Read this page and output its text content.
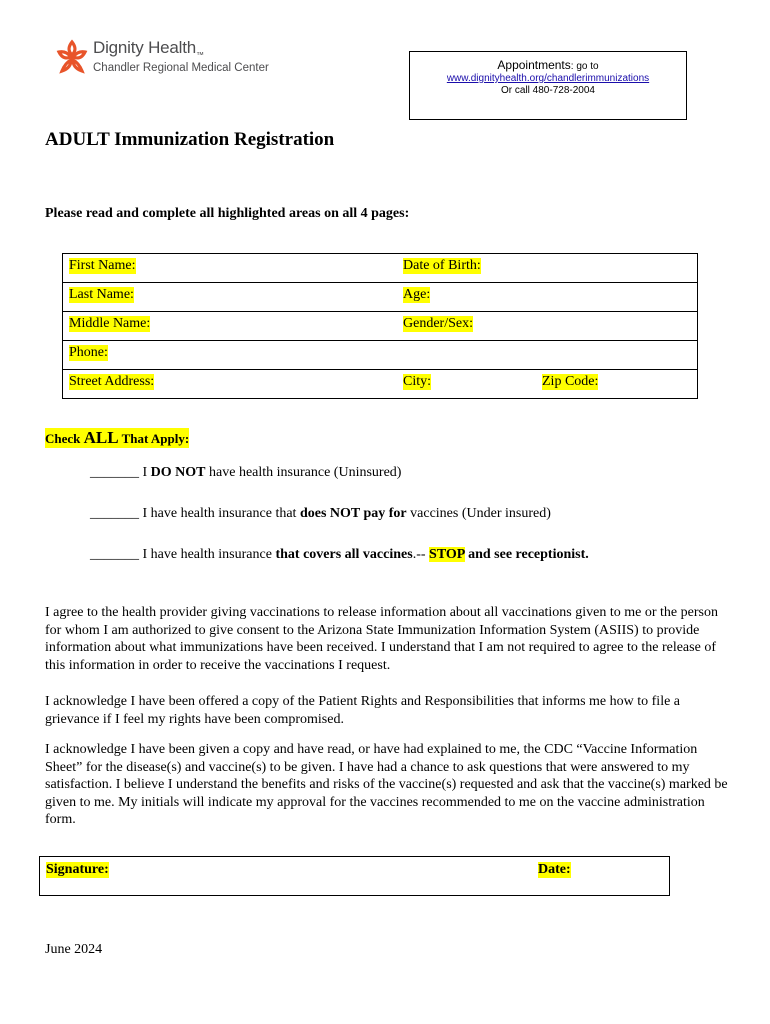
Dignity Health$_™$
Chandler Regional Medical Center	Appointments: go to
www.dignityhealth.org/chandlerimmunizations
Or call 480-728-2004
ADULT Immunization Registration
Please read and complete all highlighted areas on all 4 pages:
First Name:	Date of Birth:
Last Name:	Age:
Middle Name:	Gender/Sex:
Phone:
Street Address:	City:	Zip Code:
Check ALL That Apply:
_______ I DO NOT have health insurance (Uninsured)
_______ I have health insurance that does NOT pay for vaccines (Under insured)
_______ I have health insurance that covers all vaccines.-- STOP and see receptionist.
I agree to the health provider giving vaccinations to release information about all vaccinations given to me or the person for whom I am authorized to give consent to the Arizona State Immunization Information System (ASIIS) to provide information about what immunizations have been received. I understand that I am not required to agree to the release of this information in order to receive the vaccinations I request.
I acknowledge I have been offered a copy of the Patient Rights and Responsibilities that informs me how to file a grievance if I feel my rights have been compromised.
I acknowledge I have been given a copy and have read, or have had explained to me, the CDC “Vaccine Information Sheet” for the disease(s) and vaccine(s) to be given. I have had a chance to ask questions that were answered to my satisfaction. I believe I understand the benefits and risks of the vaccine(s) requested and ask that the vaccine(s) marked be given to me. My initials will indicate my approval for the vaccines recommended to me on the vaccine administration form.
Signature:	Date:
June 2024
